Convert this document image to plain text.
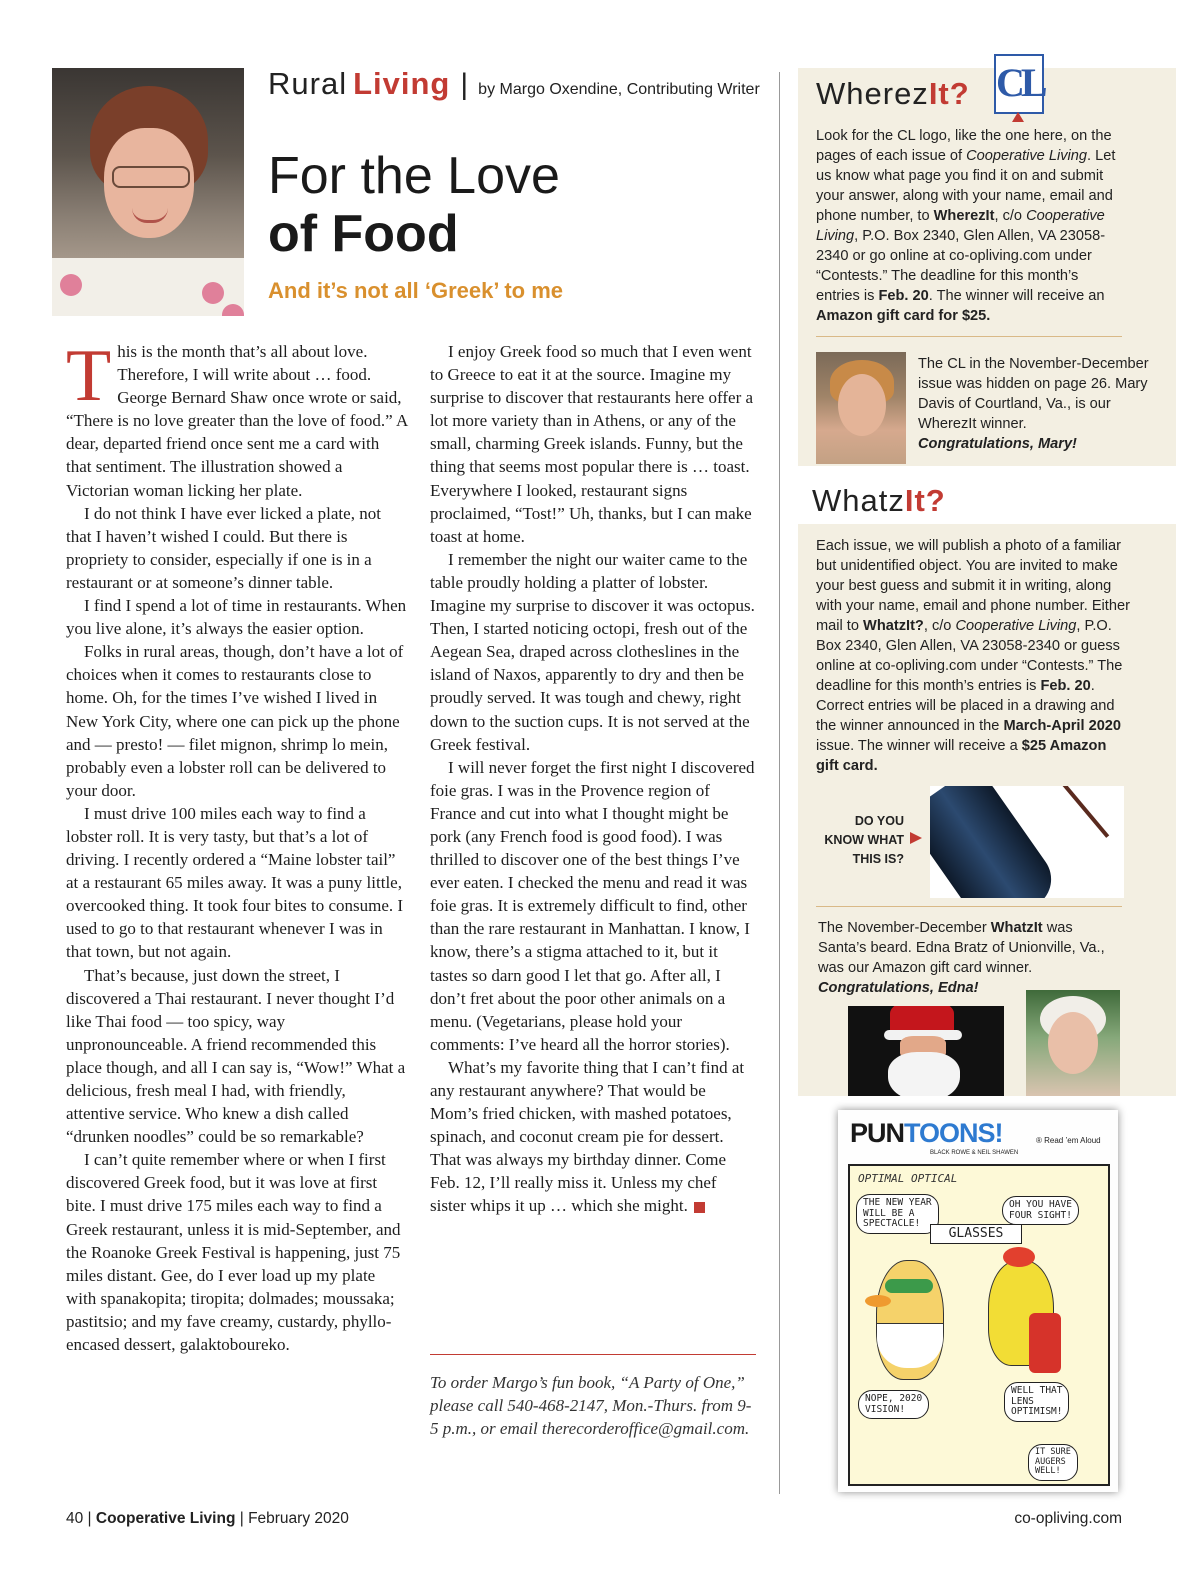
Rural Living | by Margo Oxendine, Contributing Writer
For the Love
of Food
And it’s not all ‘Greek’ to me
T his is the month that’s all about love. Therefore, I will write about … food. George Bernard Shaw once wrote or said, “There is no love greater than the love of food.” A dear, departed friend once sent me a card with that sentiment. The illustration showed a Victorian woman licking her plate.

I do not think I have ever licked a plate, not that I haven’t wished I could. But there is propriety to consider, especially if one is in a restaurant or at someone’s dinner table.

I find I spend a lot of time in restaurants. When you live alone, it’s always the easier option.

Folks in rural areas, though, don’t have a lot of choices when it comes to restaurants close to home. Oh, for the times I’ve wished I lived in New York City, where one can pick up the phone and — presto! — filet mignon, shrimp lo mein, probably even a lobster roll can be delivered to your door.

I must drive 100 miles each way to find a lobster roll. It is very tasty, but that’s a lot of driving. I recently ordered a “Maine lobster tail” at a restaurant 65 miles away. It was a puny little, overcooked thing. It took four bites to consume. I used to go to that restaurant whenever I was in that town, but not again.

That’s because, just down the street, I discovered a Thai restaurant. I never thought I’d like Thai food — too spicy, way unpronounceable. A friend recommended this place though, and all I can say is, “Wow!” What a delicious, fresh meal I had, with friendly, attentive service. Who knew a dish called “drunken noodles” could be so remarkable?

I can’t quite remember where or when I first discovered Greek food, but it was love at first bite. I must drive 175 miles each way to find a Greek restaurant, unless it is mid-September, and the Roanoke Greek Festival is happening, just 75 miles distant. Gee, do I ever load up my plate with spanakopita; tiropita; dolmades; moussaka; pastitsio; and my fave creamy, custardy, phyllo-encased dessert, galaktoboureko.

I enjoy Greek food so much that I even went to Greece to eat it at the source. Imagine my surprise to discover that restaurants here offer a lot more variety than in Athens, or any of the small, charming Greek islands. Funny, but the thing that seems most popular there is … toast. Everywhere I looked, restaurant signs proclaimed, “Tost!” Uh, thanks, but I can make toast at home.

I remember the night our waiter came to the table proudly holding a platter of lobster. Imagine my surprise to discover it was octopus. Then, I started noticing octopi, fresh out of the Aegean Sea, draped across clotheslines in the island of Naxos, apparently to dry and then be proudly served. It was tough and chewy, right down to the suction cups. It is not served at the Greek festival.

I will never forget the first night I discovered foie gras. I was in the Provence region of France and cut into what I thought might be pork (any French food is good food). I was thrilled to discover one of the best things I’ve ever eaten. I checked the menu and read it was foie gras. It is extremely difficult to find, other than the rare restaurant in Manhattan. I know, I know, there’s a stigma attached to it, but it tastes so darn good I let that go. After all, I don’t fret about the poor other animals on a menu. (Vegetarians, please hold your comments: I’ve heard all the horror stories).

What’s my favorite thing that I can’t find at any restaurant anywhere? That would be Mom’s fried chicken, with mashed potatoes, spinach, and coconut cream pie for dessert. That was always my birthday dinner. Come Feb. 12, I’ll really miss it. Unless my chef sister whips it up … which she might.

To order Margo’s fun book, “A Party of One,” please call 540-468-2147, Mon.-Thurs. from 9-5 p.m., or email therecorderoffice@gmail.com.
WherezIt? CL
Look for the CL logo, like the one here, on the pages of each issue of Cooperative Living. Let us know what page you find it on and submit your answer, along with your name, email and phone number, to WherezIt, c/o Cooperative Living, P.O. Box 2340, Glen Allen, VA 23058-2340 or go online at co-opliving.com under “Contests.” The deadline for this month’s entries is Feb. 20. The winner will receive an Amazon gift card for $25.
The CL in the November-December issue was hidden on page 26. Mary Davis of Courtland, Va., is our WherezIt winner.
Congratulations, Mary!
WhatzIt?
Each issue, we will publish a photo of a familiar but unidentified object. You are invited to make your best guess and submit it in writing, along with your name, email and phone number. Either mail to WhatzIt?, c/o Cooperative Living, P.O. Box 2340, Glen Allen, VA 23058-2340 or guess online at co-opliving.com under “Contests.” The deadline for this month’s entries is Feb. 20. Correct entries will be placed in a drawing and the winner announced in the March-April 2020 issue. The winner will receive a $25 Amazon gift card.
DO YOU
KNOW WHAT
THIS IS?
The November-December WhatzIt was Santa’s beard. Edna Bratz of Unionville, Va., was our Amazon gift card winner.
Congratulations, Edna!
PUNTOONS!	® Read ’em Aloud
BLACK ROWE & NEIL SHAWEN
OPTIMAL OPTICAL
THE NEW YEAR
WILL BE A
SPECTACLE!
OH YOU HAVE
FOUR SIGHT!
GLASSES
NOPE, 2020
VISION!
WELL THAT
LENS
OPTIMISM!
IT SURE
AUGERS
WELL!
40 | Cooperative Living | February 2020	co-opliving.com
